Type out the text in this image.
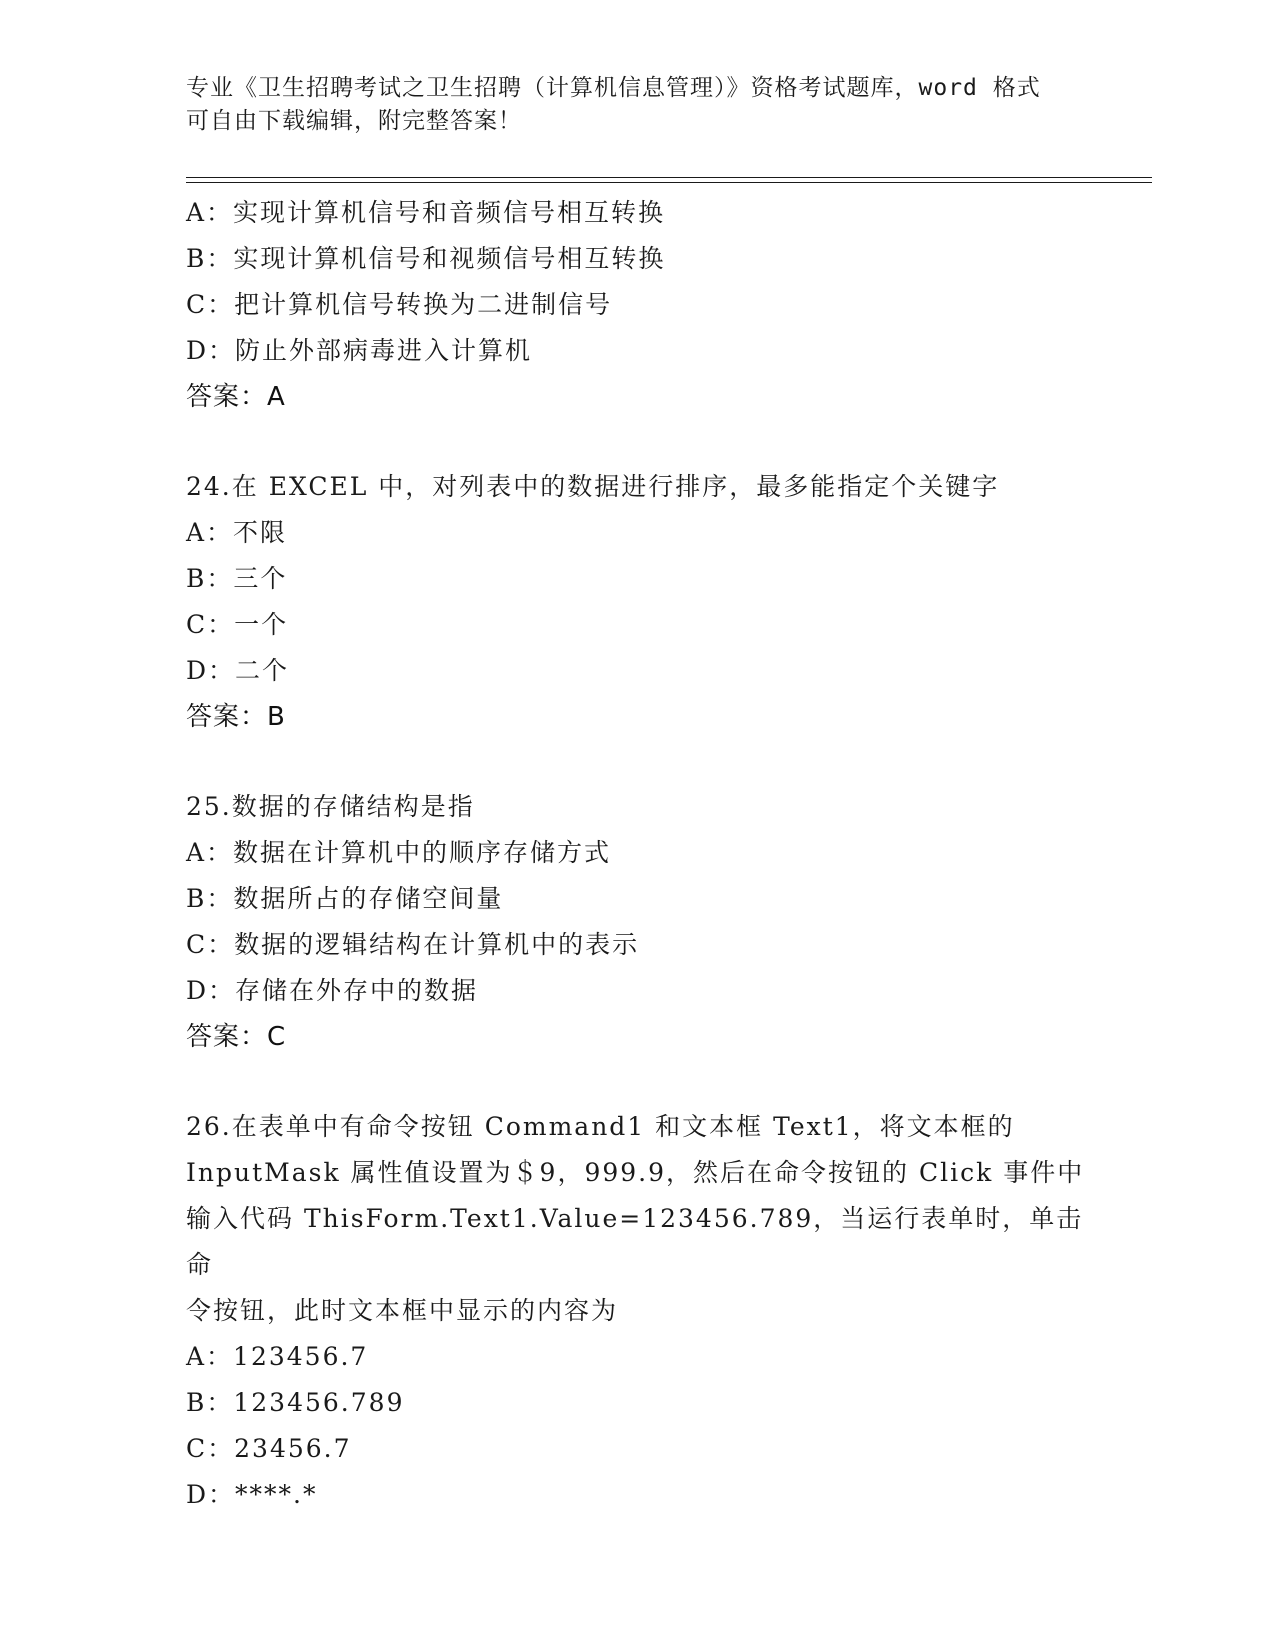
专业《卫生招聘考试之卫生招聘（计算机信息管理）》资格考试题库，word 格式
可自由下载编辑，附完整答案！
A：实现计算机信号和音频信号相互转换
B：实现计算机信号和视频信号相互转换
C：把计算机信号转换为二进制信号
D：防止外部病毒进入计算机
答案：A
24.在 EXCEL 中，对列表中的数据进行排序，最多能指定个关键字
A：不限
B：三个
C：一个
D：二个
答案：B
25.数据的存储结构是指
A：数据在计算机中的顺序存储方式
B：数据所占的存储空间量
C：数据的逻辑结构在计算机中的表示
D：存储在外存中的数据
答案：C
26.在表单中有命令按钮 Command1 和文本框 Text1，将文本框的
InputMask 属性值设置为＄9，999.9，然后在命令按钮的 Click 事件中
输入代码 ThisForm.Text1.Value=123456.789，当运行表单时，单击命
令按钮，此时文本框中显示的内容为
A：123456.7
B：123456.789
C：23456.7
D：****.*
